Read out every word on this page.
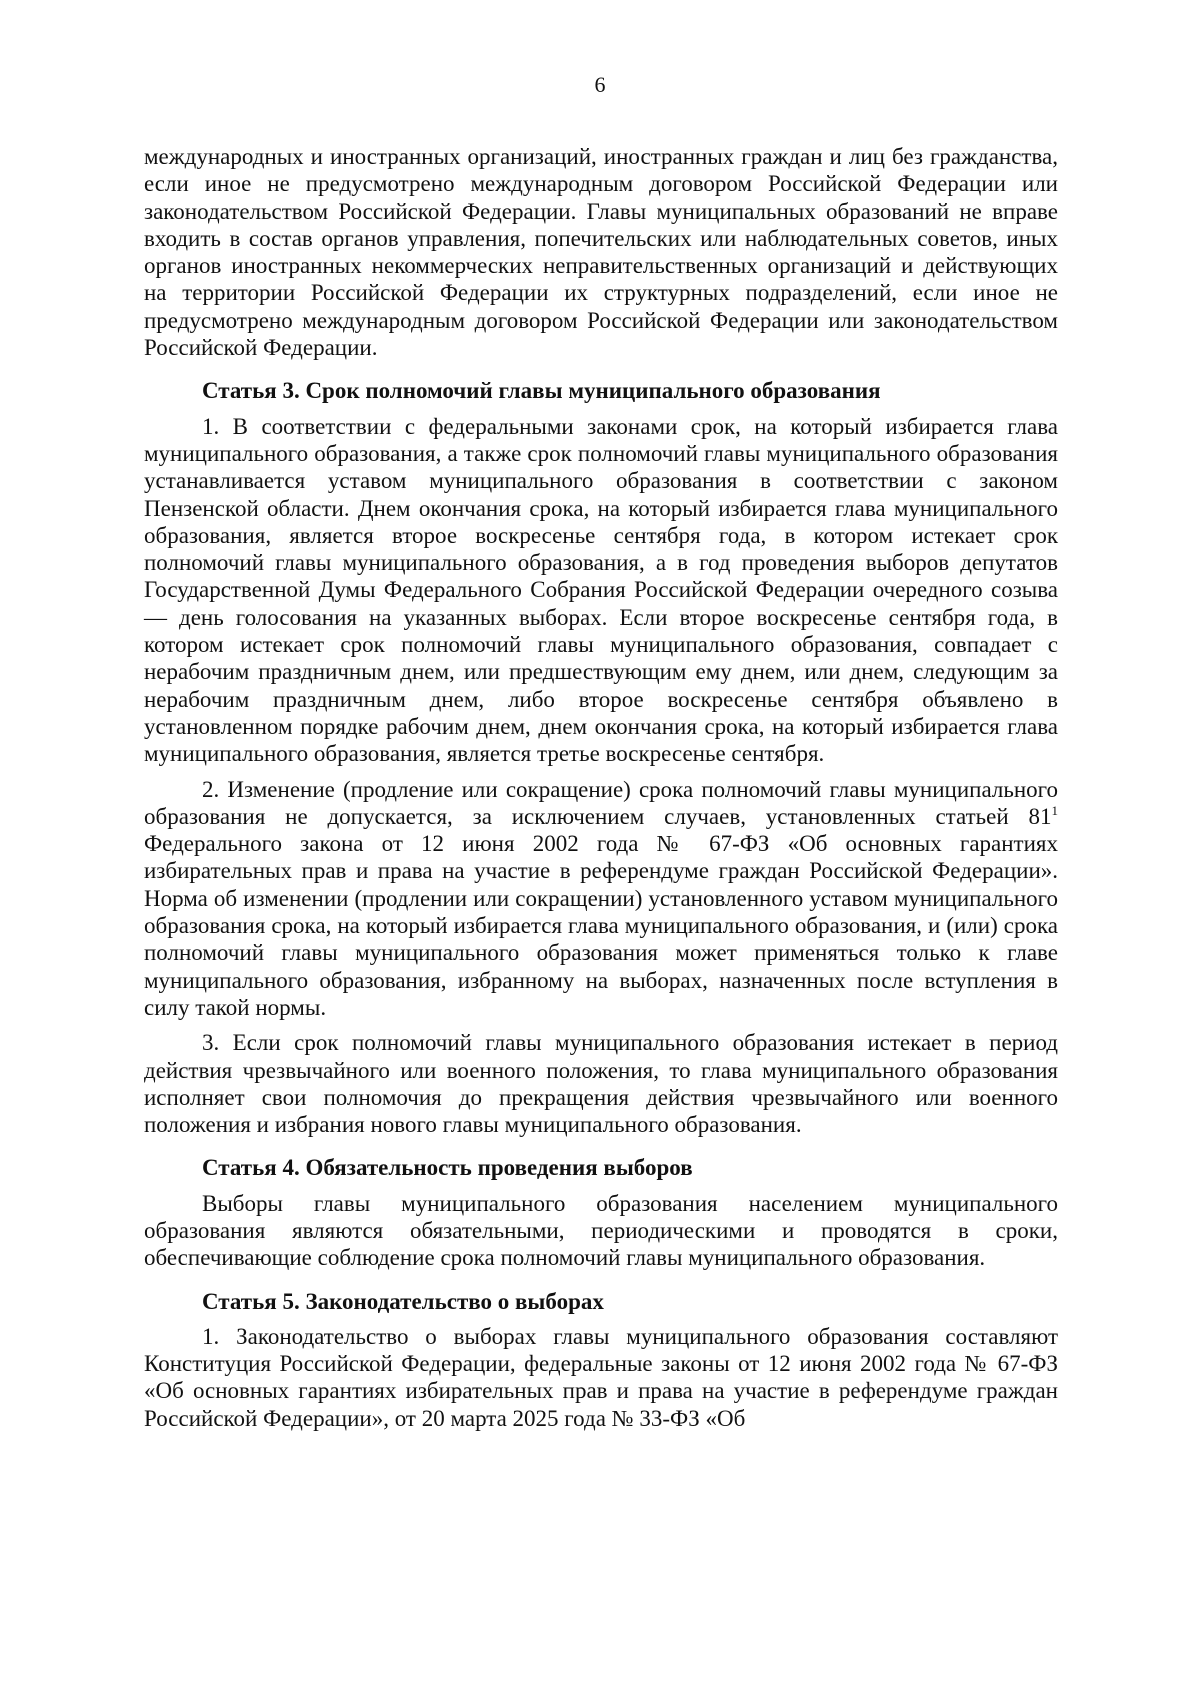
6

международных и иностранных организаций, иностранных граждан и лиц без гражданства, если иное не предусмотрено международным договором Российской Федерации или законодательством Российской Федерации. Главы муниципальных образований не вправе входить в состав органов управления, попечительских или наблюдательных советов, иных органов иностранных некоммерческих неправительственных организаций и действующих на территории Российской Федерации их структурных подразделений, если иное не предусмотрено международным договором Российской Федерации или законодательством Российской Федерации.

Статья 3. Срок полномочий главы муниципального образования

1. В соответствии с федеральными законами срок, на который избирается глава муниципального образования, а также срок полномочий главы муниципального образования устанавливается уставом муниципального образования в соответствии с законом Пензенской области. Днем окончания срока, на который избирается глава муниципального образования, является второе воскресенье сентября года, в котором истекает срок полномочий главы муниципального образования, а в год проведения выборов депутатов Государственной Думы Федерального Собрания Российской Федерации очередного созыва — день голосования на указанных выборах. Если второе воскресенье сентября года, в котором истекает срок полномочий главы муниципального образования, совпадает с нерабочим праздничным днем, или предшествующим ему днем, или днем, следующим за нерабочим праздничным днем, либо второе воскресенье сентября объявлено в установленном порядке рабочим днем, днем окончания срока, на который избирается глава муниципального образования, является третье воскресенье сентября.

2. Изменение (продление или сокращение) срока полномочий главы муниципального образования не допускается, за исключением случаев, установленных статьей $81^1$ Федерального закона от 12 июня 2002 года № 67-ФЗ «Об основных гарантиях избирательных прав и права на участие в референдуме граждан Российской Федерации». Норма об изменении (продлении или сокращении) установленного уставом муниципального образования срока, на который избирается глава муниципального образования, и (или) срока полномочий главы муниципального образования может применяться только к главе муниципального образования, избранному на выборах, назначенных после вступления в силу такой нормы.

3. Если срок полномочий главы муниципального образования истекает в период действия чрезвычайного или военного положения, то глава муниципального образования исполняет свои полномочия до прекращения действия чрезвычайного или военного положения и избрания нового главы муниципального образования.

Статья 4. Обязательность проведения выборов

Выборы главы муниципального образования населением муниципального образования являются обязательными, периодическими и проводятся в сроки, обеспечивающие соблюдение срока полномочий главы муниципального образования.

Статья 5. Законодательство о выборах

1. Законодательство о выборах главы муниципального образования составляют Конституция Российской Федерации, федеральные законы от 12 июня 2002 года № 67-ФЗ «Об основных гарантиях избирательных прав и права на участие в референдуме граждан Российской Федерации», от 20 марта 2025 года № 33-ФЗ «Об
